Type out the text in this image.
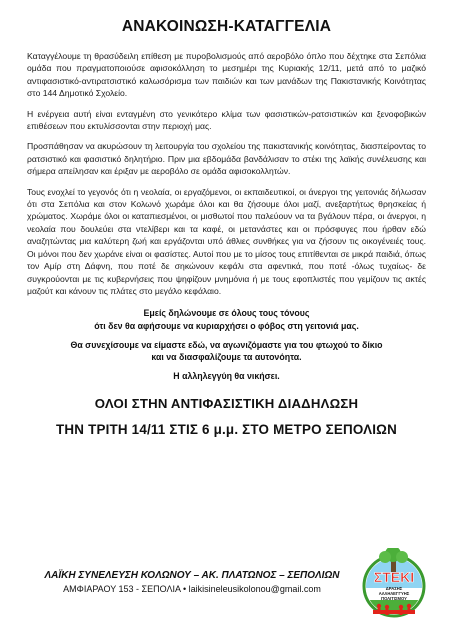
ΑΝΑΚΟΙΝΩΣΗ-ΚΑΤΑΓΓΕΛΙΑ

Καταγγέλουμε τη θρασύδειλη επίθεση με πυροβολισμούς από αεροβόλο όπλο που δέχτηκε στα Σεπόλια ομάδα που πραγματοποιούσε αφισοκόλληση το μεσημέρι της Κυριακής 12/11, μετά από το μαζικό αντιφασιστικό-αντιρατσιστικό καλωσόρισμα των παιδιών και των μανάδων της Πακιστανικής Κοινότητας στο 144 Δημοτικό Σχολείο.

Η ενέργεια αυτή είναι ενταγμένη στο γενικότερο κλίμα των φασιστικών-ρατσιστικών και ξενοφοβικών επιθέσεων που εκτυλίσσονται στην περιοχή μας.

Προσπάθησαν να ακυρώσουν τη λειτουργία του σχολείου της πακιστανικής κοινότητας, διασπείροντας το ρατσιστικό και φασιστικό δηλητήριο. Πριν μια εβδομάδα βανδάλισαν το στέκι της λαϊκής συνέλευσης και σήμερα απείλησαν και έριξαν με αεροβόλο σε ομάδα αφισοκολλητών.

Τους ενοχλεί το γεγονός ότι η νεολαία, οι εργαζόμενοι, οι εκπαιδευτικοί, οι άνεργοι της γειτονιάς δήλωσαν ότι στα Σεπόλια και στον Κολωνό χωράμε όλοι και θα ζήσουμε όλοι μαζί, ανεξαρτήτως θρησκείας ή χρώματος. Χωράμε όλοι οι καταπιεσμένοι, οι μισθωτοί που παλεύουν να τα βγάλουν πέρα, οι άνεργοι, η νεολαία που δουλεύει στα ντελίβερι και τα καφέ, οι μετανάστες και οι πρόσφυγες που ήρθαν εδώ αναζητώντας μια καλύτερη ζωή και εργάζονται υπό άθλιες συνθήκες για να ζήσουν τις οικογένειές τους. Οι μόνοι που δεν χωράνε είναι οι φασίστες. Αυτοί που με το μίσος τους επιτίθενται σε μικρά παιδιά, όπως τον Αμίρ στη Δάφνη, που ποτέ δε σηκώνουν κεφάλι στα αφεντικά, που ποτέ -όλως τυχαίως- δε συγκρούονται με τις κυβερνήσεις που ψηφίζουν μνημόνια ή με τους εφοπλιστές που γεμίζουν τις ακτές μαζούτ και κάνουν τις πλάτες στο μεγάλο κεφάλαιο.

Εμείς δηλώνουμε σε όλους τους τόνους
ότι δεν θα αφήσουμε να κυριαρχήσει ο φόβος στη γειτονιά μας.

Θα συνεχίσουμε να είμαστε εδώ, να αγωνιζόμαστε για του φτωχού το δίκιο
και να διασφαλίζουμε τα αυτονόητα.

Η αλληλεγγύη θα νικήσει.

ΟΛΟΙ ΣΤΗΝ ΑΝΤΙΦΑΣΙΣΤΙΚΗ ΔΙΑΔΗΛΩΣΗ
ΤΗΝ ΤΡΙΤΗ 14/11 ΣΤΙΣ 6 μ.μ. ΣΤΟ ΜΕΤΡΟ ΣΕΠΟΛΙΩΝ
ΛΑΪΚΗ ΣΥΝΕΛΕΥΣΗ ΚΟΛΩΝΟΥ – ΑΚ. ΠΛΑΤΩΝΟΣ – ΣΕΠΟΛΙΩΝ
ΑΜΦΙΑΡΑΟΥ 153 - ΣΕΠΟΛΙΑ • laikisineleusikolonou@gmail.com
ΣΤΕΚΙ
ΔΡΑΣΗΣ
ΑΛΛΗΛΕΓΓΥΗΣ
ΠΟΛΙΤΙΣΜΟΥ
